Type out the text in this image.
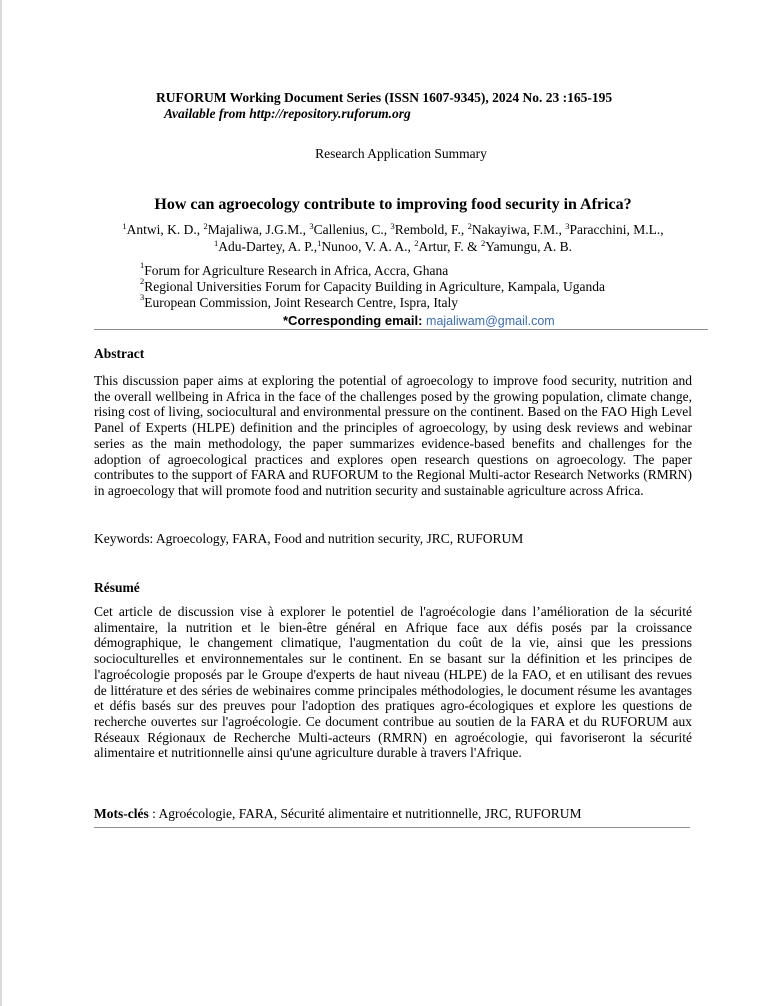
RUFORUM Working Document Series (ISSN 1607-9345), 2024 No. 23 :165-195
Available from http://repository.ruforum.org
Research Application Summary
How can agroecology contribute to improving food security in Africa?
$^1$Antwi, K. D., $^2$Majaliwa, J.G.M., $^3$Callenius, C., $^3$Rembold, F., $^2$Nakayiwa, F.M., $^3$Paracchini, M.L.,
$^1$Adu-Dartey, A. P.,$^1$Nunoo, V. A. A., $^2$Artur, F. & $^2$Yamungu, A. B.
$^1$Forum for Agriculture Research in Africa, Accra, Ghana
$^2$Regional Universities Forum for Capacity Building in Agriculture, Kampala, Uganda
$^3$European Commission, Joint Research Centre, Ispra, Italy
*Corresponding email: majaliwam@gmail.com
Abstract
This discussion paper aims at exploring the potential of agroecology to improve food security, nutrition and the overall wellbeing in Africa in the face of the challenges posed by the growing population, climate change, rising cost of living, sociocultural and environmental pressure on the continent. Based on the FAO High Level Panel of Experts (HLPE) definition and the principles of agroecology, by using desk reviews and webinar series as the main methodology, the paper summarizes evidence-based benefits and challenges for the adoption of agroecological practices and explores open research questions on agroecology. The paper contributes to the support of FARA and RUFORUM to the Regional Multi-actor Research Networks (RMRN) in agroecology that will promote food and nutrition security and sustainable agriculture across Africa.
Keywords: Agroecology, FARA, Food and nutrition security, JRC, RUFORUM
Résumé
Cet article de discussion vise à explorer le potentiel de l'agroécologie dans l’amélioration de la sécurité alimentaire, la nutrition et le bien-être général en Afrique face aux défis posés par la croissance démographique, le changement climatique, l'augmentation du coût de la vie, ainsi que les pressions socioculturelles et environnementales sur le continent. En se basant sur la définition et les principes de l'agroécologie proposés par le Groupe d'experts de haut niveau (HLPE) de la FAO, et en utilisant des revues de littérature et des séries de webinaires comme principales méthodologies, le document résume les avantages et défis basés sur des preuves pour l'adoption des pratiques agro-écologiques et explore les questions de recherche ouvertes sur l'agroécologie. Ce document contribue au soutien de la FARA et du RUFORUM aux Réseaux Régionaux de Recherche Multi-acteurs (RMRN) en agroécologie, qui favoriseront la sécurité alimentaire et nutritionnelle ainsi qu'une agriculture durable à travers l'Afrique.
Mots-clés : Agroécologie, FARA, Sécurité alimentaire et nutritionnelle, JRC, RUFORUM
